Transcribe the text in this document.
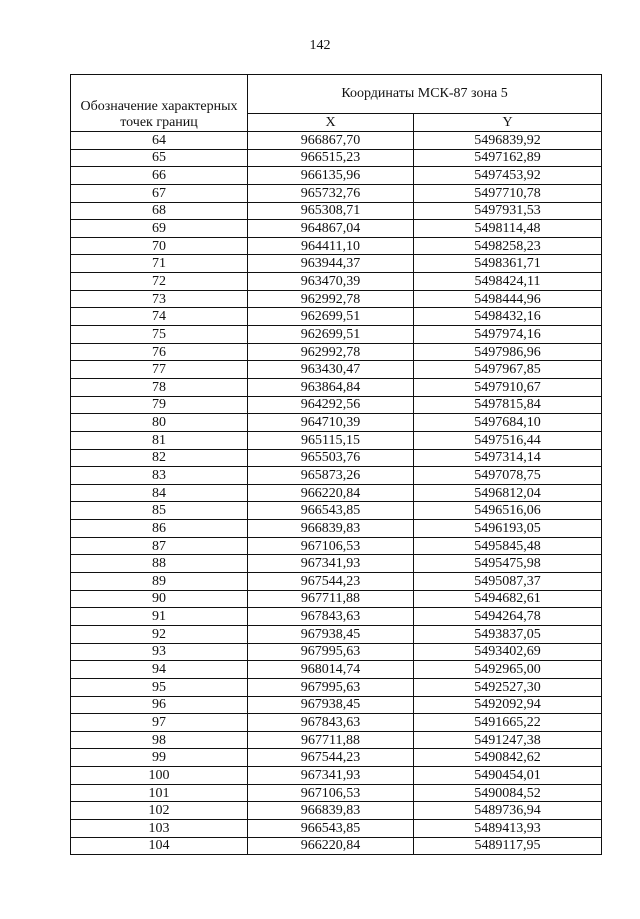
142
Обозначение характерных точек границ	Координаты МСК-87 зона 5	
	X	Y
64	966867,70	5496839,92
65	966515,23	5497162,89
66	966135,96	5497453,92
67	965732,76	5497710,78
68	965308,71	5497931,53
69	964867,04	5498114,48
70	964411,10	5498258,23
71	963944,37	5498361,71
72	963470,39	5498424,11
73	962992,78	5498444,96
74	962699,51	5498432,16
75	962699,51	5497974,16
76	962992,78	5497986,96
77	963430,47	5497967,85
78	963864,84	5497910,67
79	964292,56	5497815,84
80	964710,39	5497684,10
81	965115,15	5497516,44
82	965503,76	5497314,14
83	965873,26	5497078,75
84	966220,84	5496812,04
85	966543,85	5496516,06
86	966839,83	5496193,05
87	967106,53	5495845,48
88	967341,93	5495475,98
89	967544,23	5495087,37
90	967711,88	5494682,61
91	967843,63	5494264,78
92	967938,45	5493837,05
93	967995,63	5493402,69
94	968014,74	5492965,00
95	967995,63	5492527,30
96	967938,45	5492092,94
97	967843,63	5491665,22
98	967711,88	5491247,38
99	967544,23	5490842,62
100	967341,93	5490454,01
101	967106,53	5490084,52
102	966839,83	5489736,94
103	966543,85	5489413,93
104	966220,84	5489117,95
